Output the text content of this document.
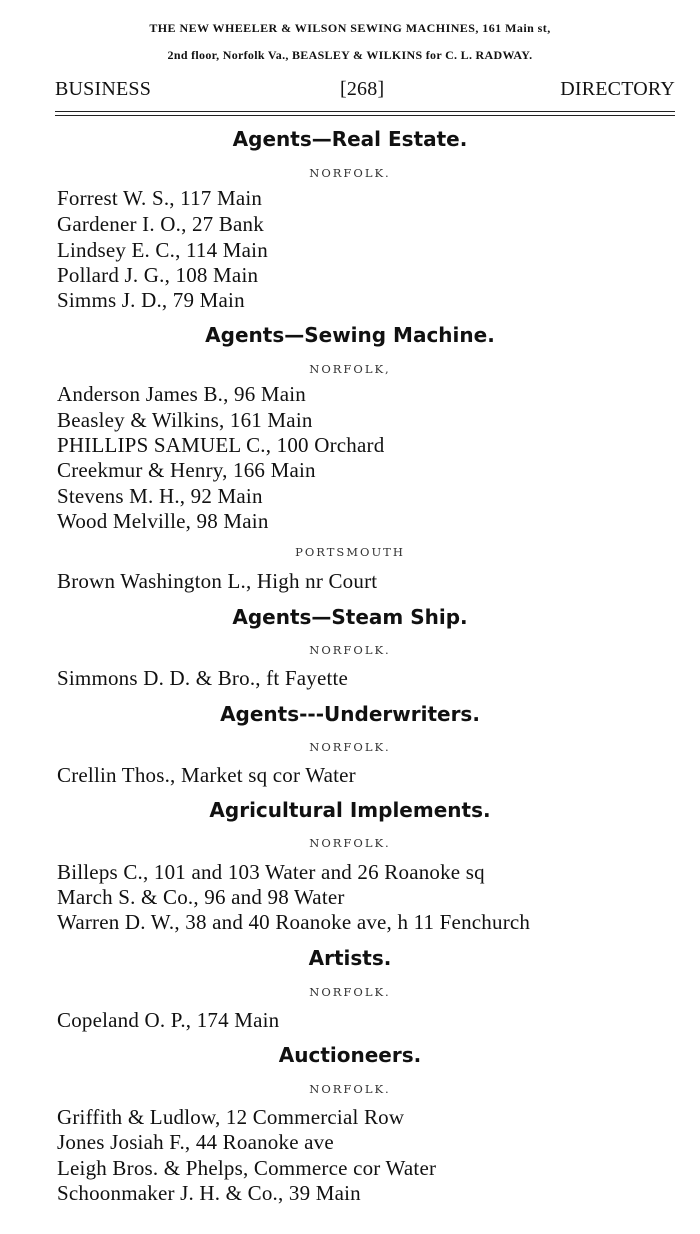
THE NEW WHEELER & WILSON SEWING MACHINES, 161 Main st,
2nd floor, Norfolk Va., BEASLEY & WILKINS for C. L. RADWAY.
BUSINESS	[268]	DIRECTORY
Agents—Real Estate.
NORFOLK.
Forrest W. S., 117 Main
Gardener I. O., 27 Bank
Lindsey E. C., 114 Main
Pollard J. G., 108 Main
Simms J. D., 79 Main
Agents—Sewing Machine.
NORFOLK,
Anderson James B., 96 Main
Beasley & Wilkins, 161 Main
PHILLIPS SAMUEL C., 100 Orchard
Creekmur & Henry, 166 Main
Stevens M. H., 92 Main
Wood Melville, 98 Main
PORTSMOUTH
Brown Washington L., High nr Court
Agents—Steam Ship.
NORFOLK.
Simmons D. D. & Bro., ft Fayette
Agents---Underwriters.
NORFOLK.
Crellin Thos., Market sq cor Water
Agricultural Implements.
NORFOLK.
Billeps C., 101 and 103 Water and 26 Roanoke sq
March S. & Co., 96 and 98 Water
Warren D. W., 38 and 40 Roanoke ave, h 11 Fenchurch
Artists.
NORFOLK.
Copeland O. P., 174 Main
Auctioneers.
NORFOLK.
Griffith & Ludlow, 12 Commercial Row
Jones Josiah F., 44 Roanoke ave
Leigh Bros. & Phelps, Commerce cor Water
Schoonmaker J. H. & Co., 39 Main
